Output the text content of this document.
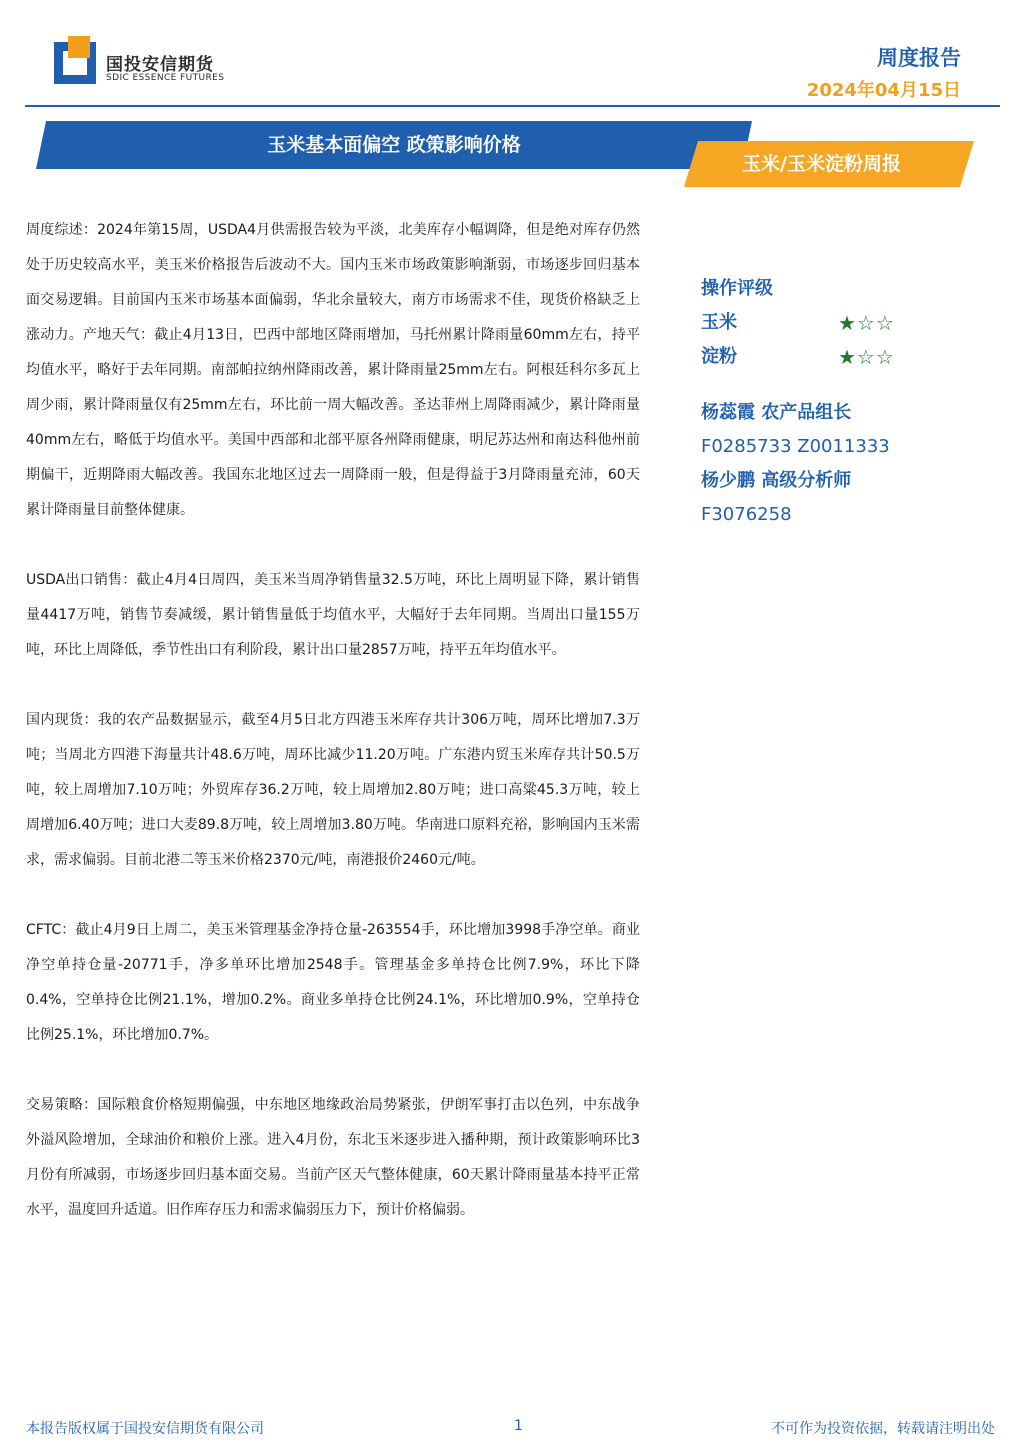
国投安信期货
SDIC ESSENCE FUTURES
周度报告
2024年04月15日
玉米基本面偏空 政策影响价格
玉米/玉米淀粉周报

周度综述：2024年第15周，USDA4月供需报告较为平淡，北美库存小幅调降，但是绝对库存仍然处于历史较高水平，美玉米价格报告后波动不大。国内玉米市场政策影响渐弱，市场逐步回归基本面交易逻辑。目前国内玉米市场基本面偏弱，华北余量较大，南方市场需求不佳，现货价格缺乏上涨动力。产地天气：截止4月13日，巴西中部地区降雨增加，马托州累计降雨量60mm左右，持平均值水平，略好于去年同期。南部帕拉纳州降雨改善，累计降雨量25mm左右。阿根廷科尔多瓦上周少雨，累计降雨量仅有25mm左右，环比前一周大幅改善。圣达菲州上周降雨减少，累计降雨量40mm左右，略低于均值水平。美国中西部和北部平原各州降雨健康，明尼苏达州和南达科他州前期偏干，近期降雨大幅改善。我国东北地区过去一周降雨一般，但是得益于3月降雨量充沛，60天累计降雨量目前整体健康。

USDA出口销售：截止4月4日周四，美玉米当周净销售量32.5万吨，环比上周明显下降，累计销售量4417万吨，销售节奏减缓，累计销售量低于均值水平，大幅好于去年同期。当周出口量155万吨，环比上周降低，季节性出口有利阶段，累计出口量2857万吨，持平五年均值水平。

国内现货：我的农产品数据显示，截至4月5日北方四港玉米库存共计306万吨，周环比增加7.3万吨；当周北方四港下海量共计48.6万吨，周环比减少11.20万吨。广东港内贸玉米库存共计50.5万吨，较上周增加7.10万吨；外贸库存36.2万吨，较上周增加2.80万吨；进口高粱45.3万吨，较上周增加6.40万吨；进口大麦89.8万吨，较上周增加3.80万吨。华南进口原料充裕，影响国内玉米需求，需求偏弱。目前北港二等玉米价格2370元/吨，南港报价2460元/吨。

CFTC：截止4月9日上周二，美玉米管理基金净持仓量-263554手，环比增加3998手净空单。商业净空单持仓量-20771手，净多单环比增加2548手。管理基金多单持仓比例7.9%，环比下降0.4%，空单持仓比例21.1%，增加0.2%。商业多单持仓比例24.1%，环比增加0.9%，空单持仓比例25.1%，环比增加0.7%。

交易策略：国际粮食价格短期偏强，中东地区地缘政治局势紧张，伊朗军事打击以色列，中东战争外溢风险增加，全球油价和粮价上涨。进入4月份，东北玉米逐步进入播种期，预计政策影响环比3月份有所减弱，市场逐步回归基本面交易。当前产区天气整体健康，60天累计降雨量基本持平正常水平，温度回升适道。旧作库存压力和需求偏弱压力下，预计价格偏弱。

操作评级
玉米	★☆☆
淀粉	★☆☆
杨蕊霞 农产品组长
F0285733 Z0011333
杨少鹏 高级分析师
F3076258
本报告版权属于国投安信期货有限公司	1	不可作为投资依据，转载请注明出处
